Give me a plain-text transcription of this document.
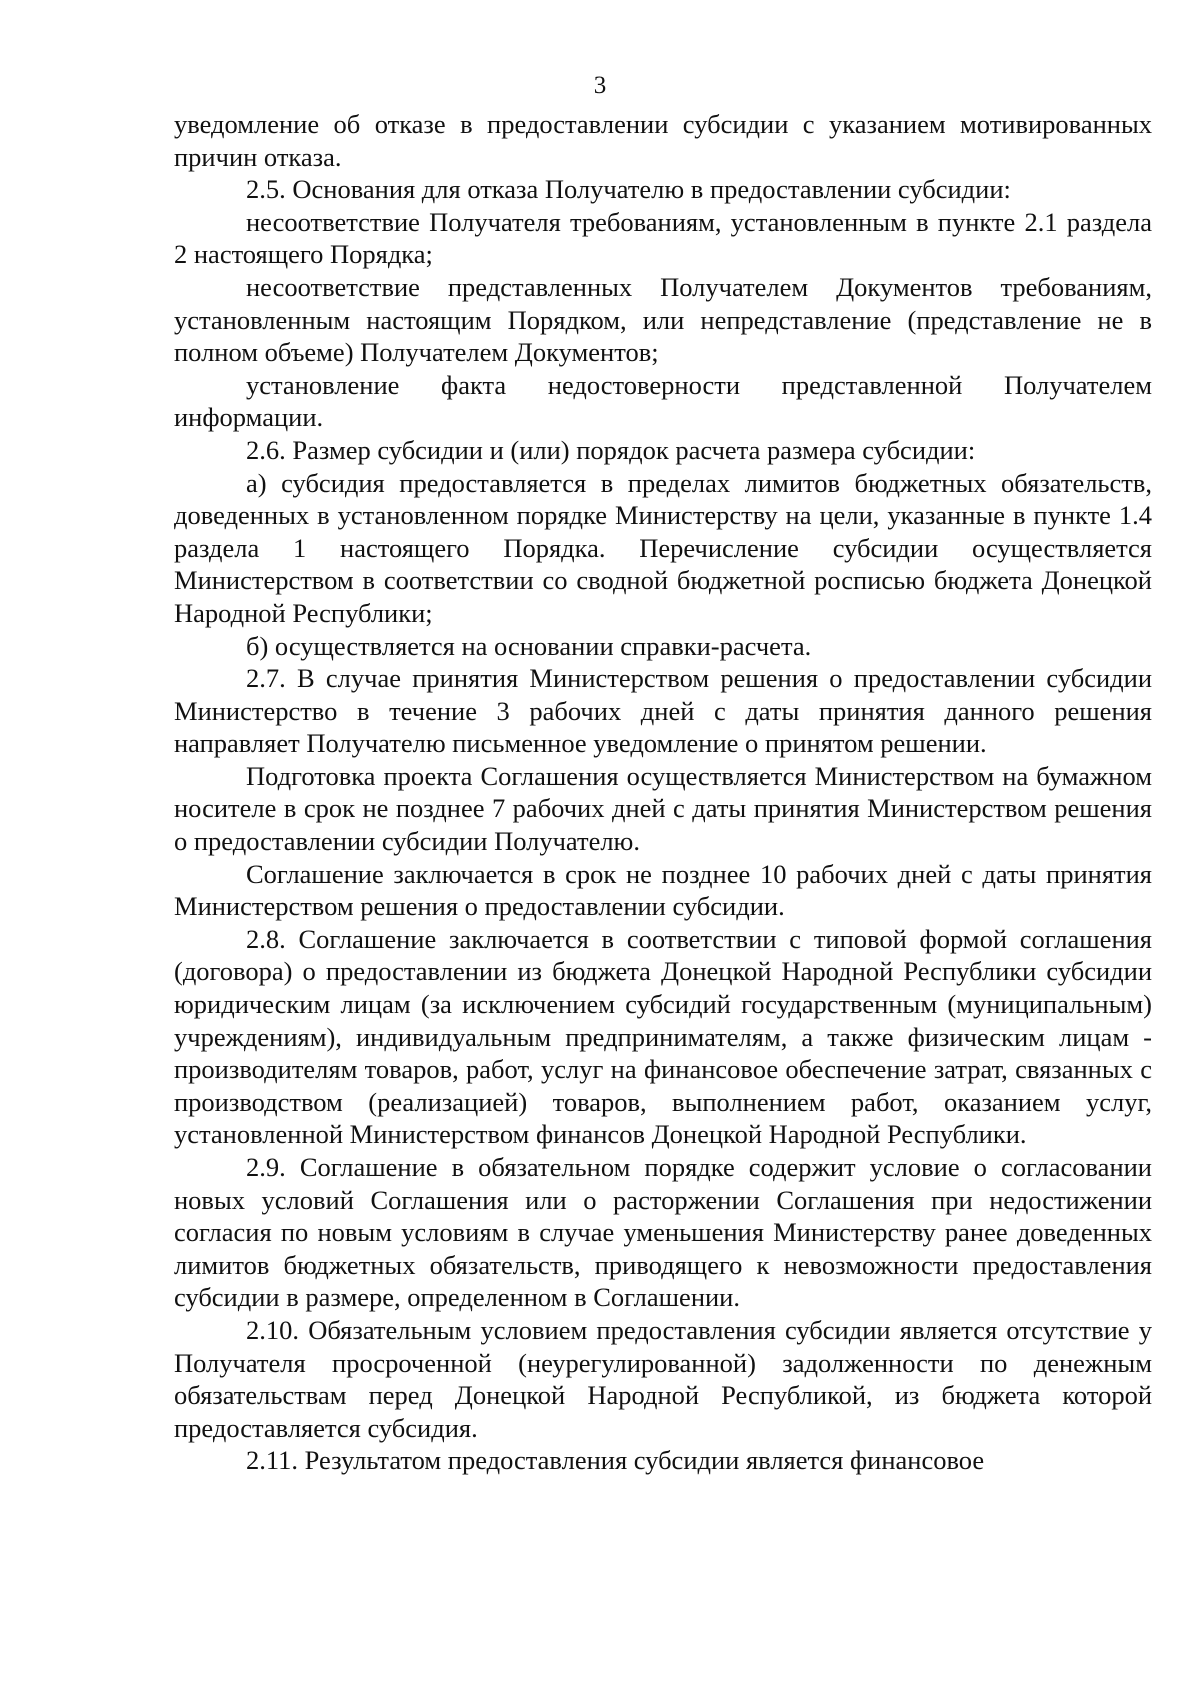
3

уведомление об отказе в предоставлении субсидии с указанием мотивированных причин отказа.

2.5. Основания для отказа Получателю в предоставлении субсидии:

несоответствие Получателя требованиям, установленным в пункте 2.1 раздела 2 настоящего Порядка;

несоответствие представленных Получателем Документов требованиям, установленным настоящим Порядком, или непредставление (представление не в полном объеме) Получателем Документов;

установление факта недостоверности представленной Получателем информации.

2.6. Размер субсидии и (или) порядок расчета размера субсидии:

а) субсидия предоставляется в пределах лимитов бюджетных обязательств, доведенных в установленном порядке Министерству на цели, указанные в пункте 1.4 раздела 1 настоящего Порядка. Перечисление субсидии осуществляется Министерством в соответствии со сводной бюджетной росписью бюджета Донецкой Народной Республики;

б) осуществляется на основании справки-расчета.

2.7. В случае принятия Министерством решения о предоставлении субсидии Министерство в течение 3 рабочих дней с даты принятия данного решения направляет Получателю письменное уведомление о принятом решении.

Подготовка проекта Соглашения осуществляется Министерством на бумажном носителе в срок не позднее 7 рабочих дней с даты принятия Министерством решения о предоставлении субсидии Получателю.

Соглашение заключается в срок не позднее 10 рабочих дней с даты принятия Министерством решения о предоставлении субсидии.

2.8. Соглашение заключается в соответствии с типовой формой соглашения (договора) о предоставлении из бюджета Донецкой Народной Республики субсидии юридическим лицам (за исключением субсидий государственным (муниципальным) учреждениям), индивидуальным предпринимателям, а также физическим лицам - производителям товаров, работ, услуг на финансовое обеспечение затрат, связанных с производством (реализацией) товаров, выполнением работ, оказанием услуг, установленной Министерством финансов Донецкой Народной Республики.

2.9. Соглашение в обязательном порядке содержит условие о согласовании новых условий Соглашения или о расторжении Соглашения при недостижении согласия по новым условиям в случае уменьшения Министерству ранее доведенных лимитов бюджетных обязательств, приводящего к невозможности предоставления субсидии в размере, определенном в Соглашении.

2.10. Обязательным условием предоставления субсидии является отсутствие у Получателя просроченной (неурегулированной) задолженности по денежным обязательствам перед Донецкой Народной Республикой, из бюджета которой предоставляется субсидия.

2.11. Результатом предоставления субсидии является финансовое
